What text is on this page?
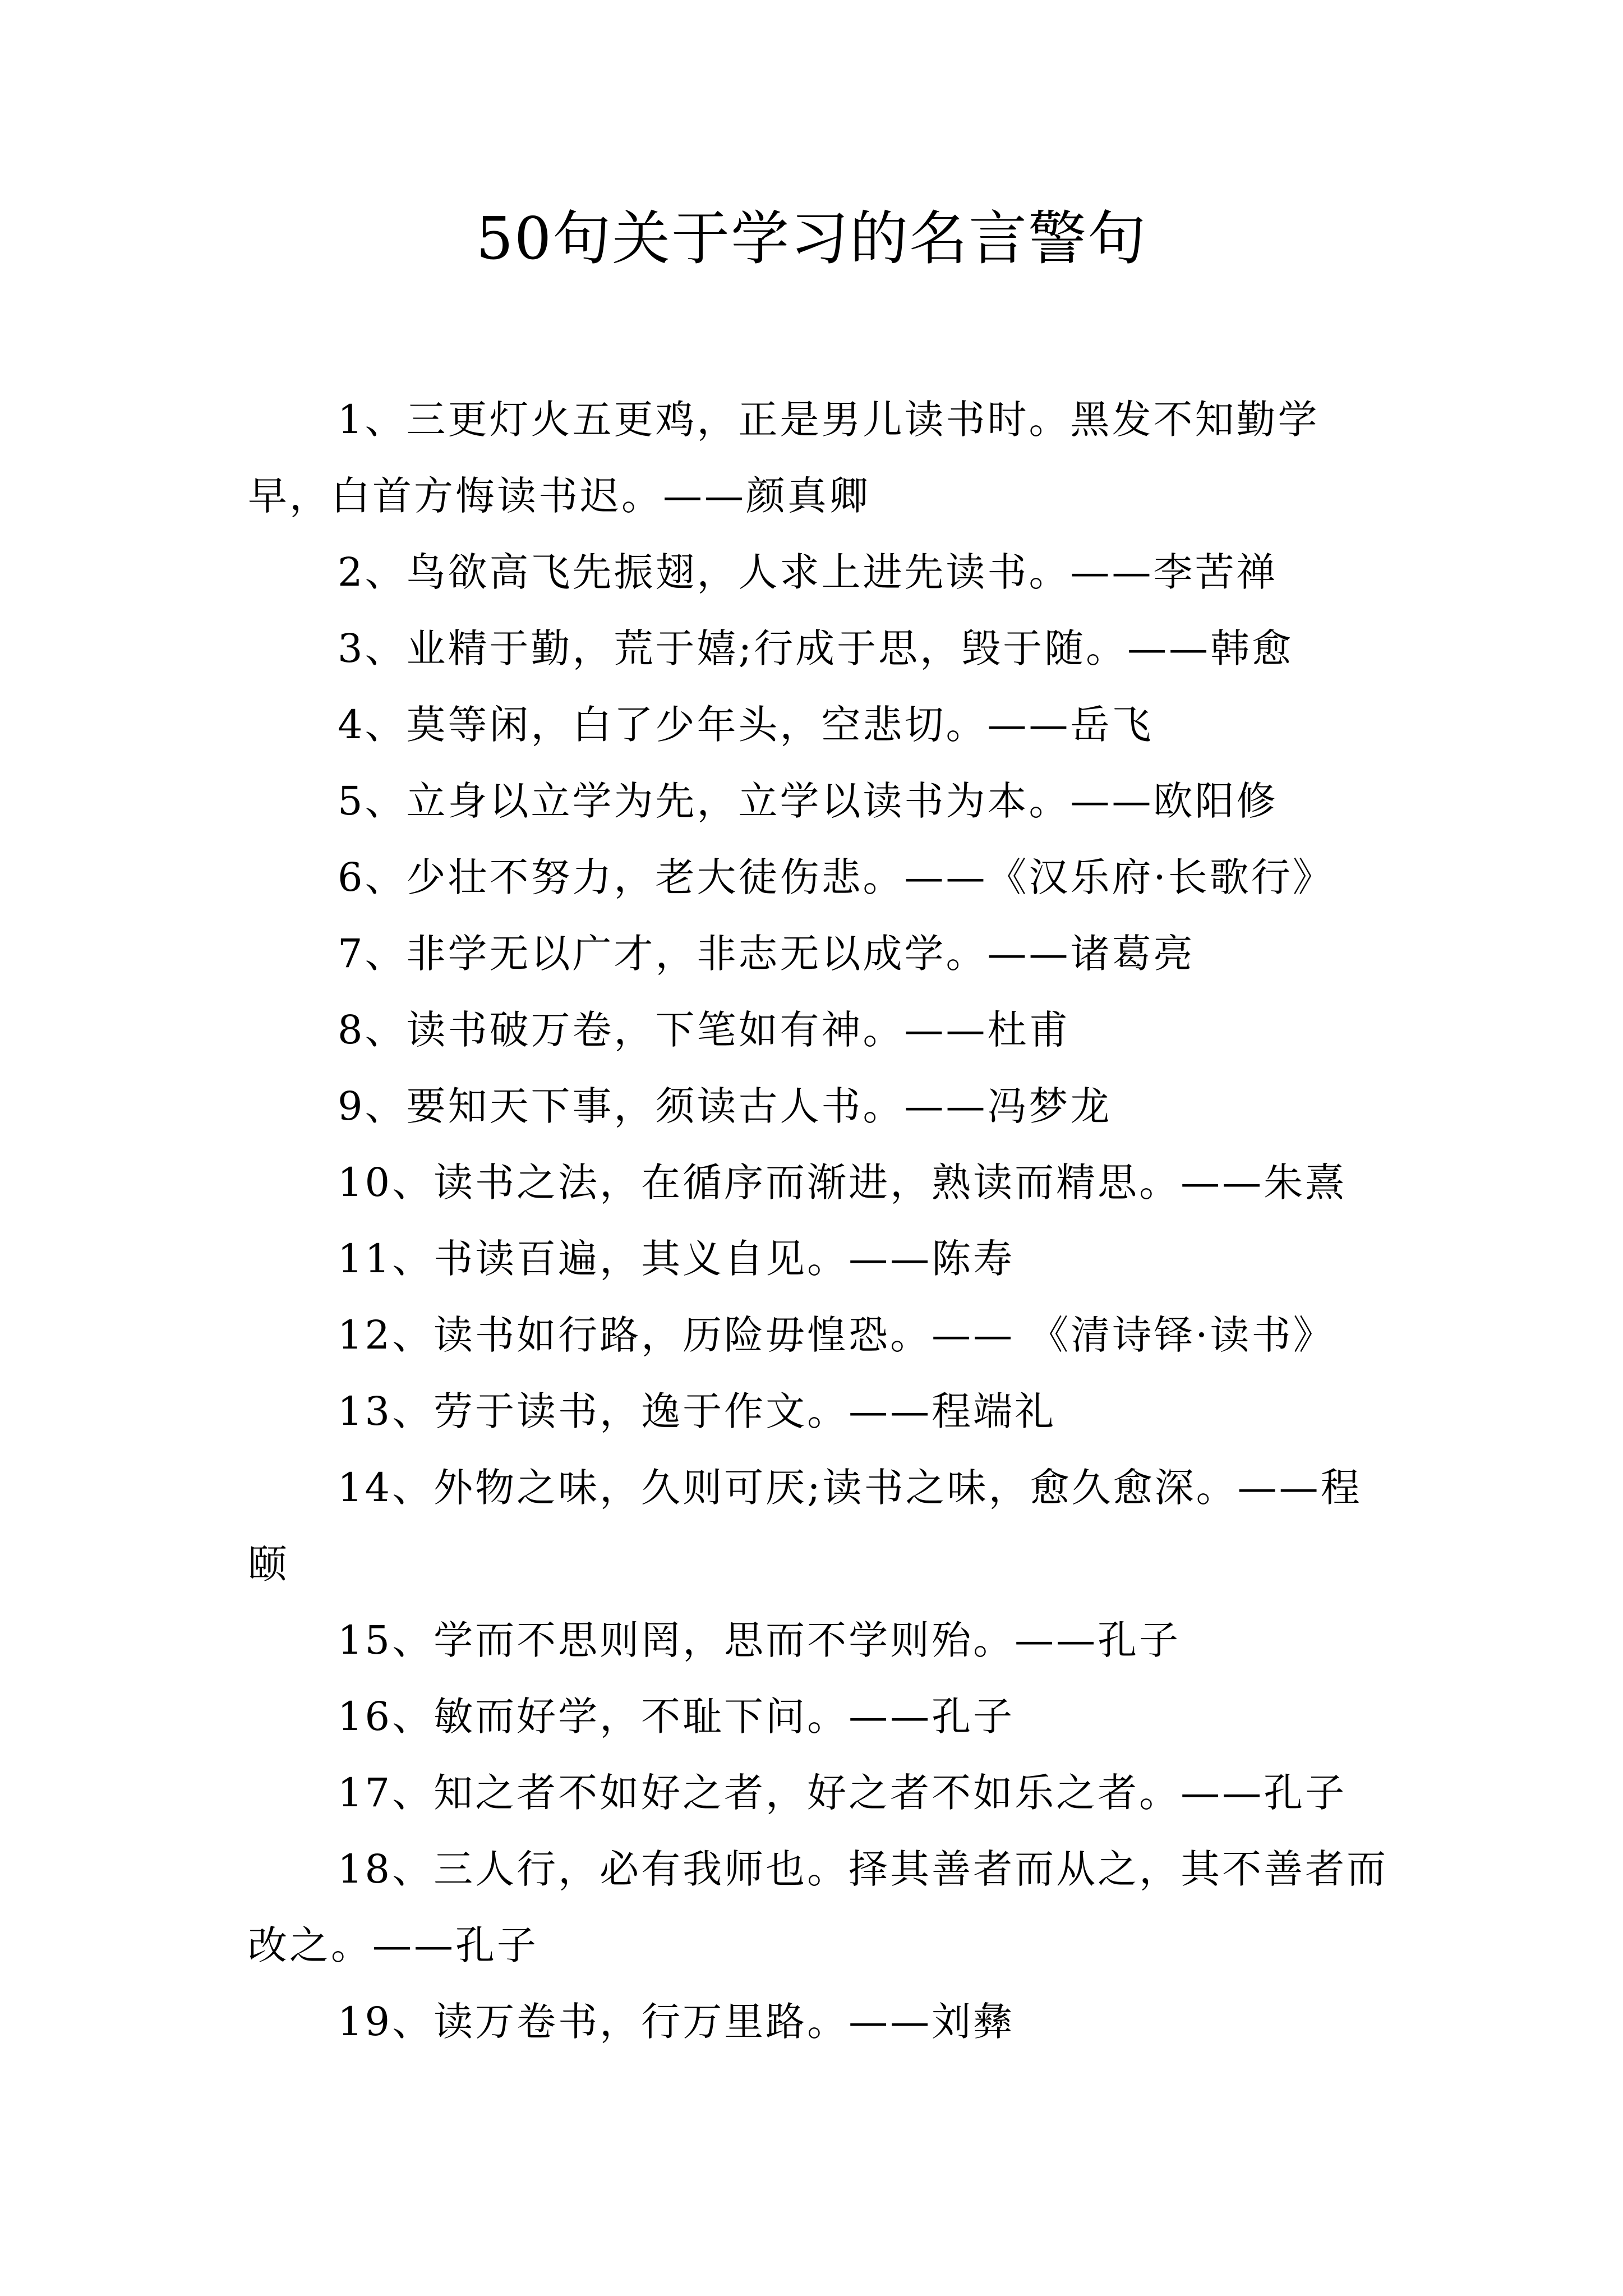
50句关于学习的名言警句

1、三更灯火五更鸡，正是男儿读书时。黑发不知勤学早，白首方悔读书迟。——颜真卿

2、鸟欲高飞先振翅，人求上进先读书。——李苦禅

3、业精于勤，荒于嬉;行成于思，毁于随。——韩愈

4、莫等闲，白了少年头，空悲切。——岳飞

5、立身以立学为先，立学以读书为本。——欧阳修

6、少壮不努力，老大徒伤悲。——《汉乐府·长歌行》

7、非学无以广才，非志无以成学。——诸葛亮

8、读书破万卷，下笔如有神。——杜甫

9、要知天下事，须读古人书。——冯梦龙

10、读书之法，在循序而渐进，熟读而精思。——朱熹

11、书读百遍，其义自见。——陈寿

12、读书如行路，历险毋惶恐。—— 《清诗铎·读书》

13、劳于读书，逸于作文。——程端礼

14、外物之味，久则可厌;读书之味，愈久愈深。——程颐

15、学而不思则罔，思而不学则殆。——孔子

16、敏而好学，不耻下问。——孔子

17、知之者不如好之者，好之者不如乐之者。——孔子

18、三人行，必有我师也。择其善者而从之，其不善者而改之。——孔子

19、读万卷书，行万里路。——刘彝
